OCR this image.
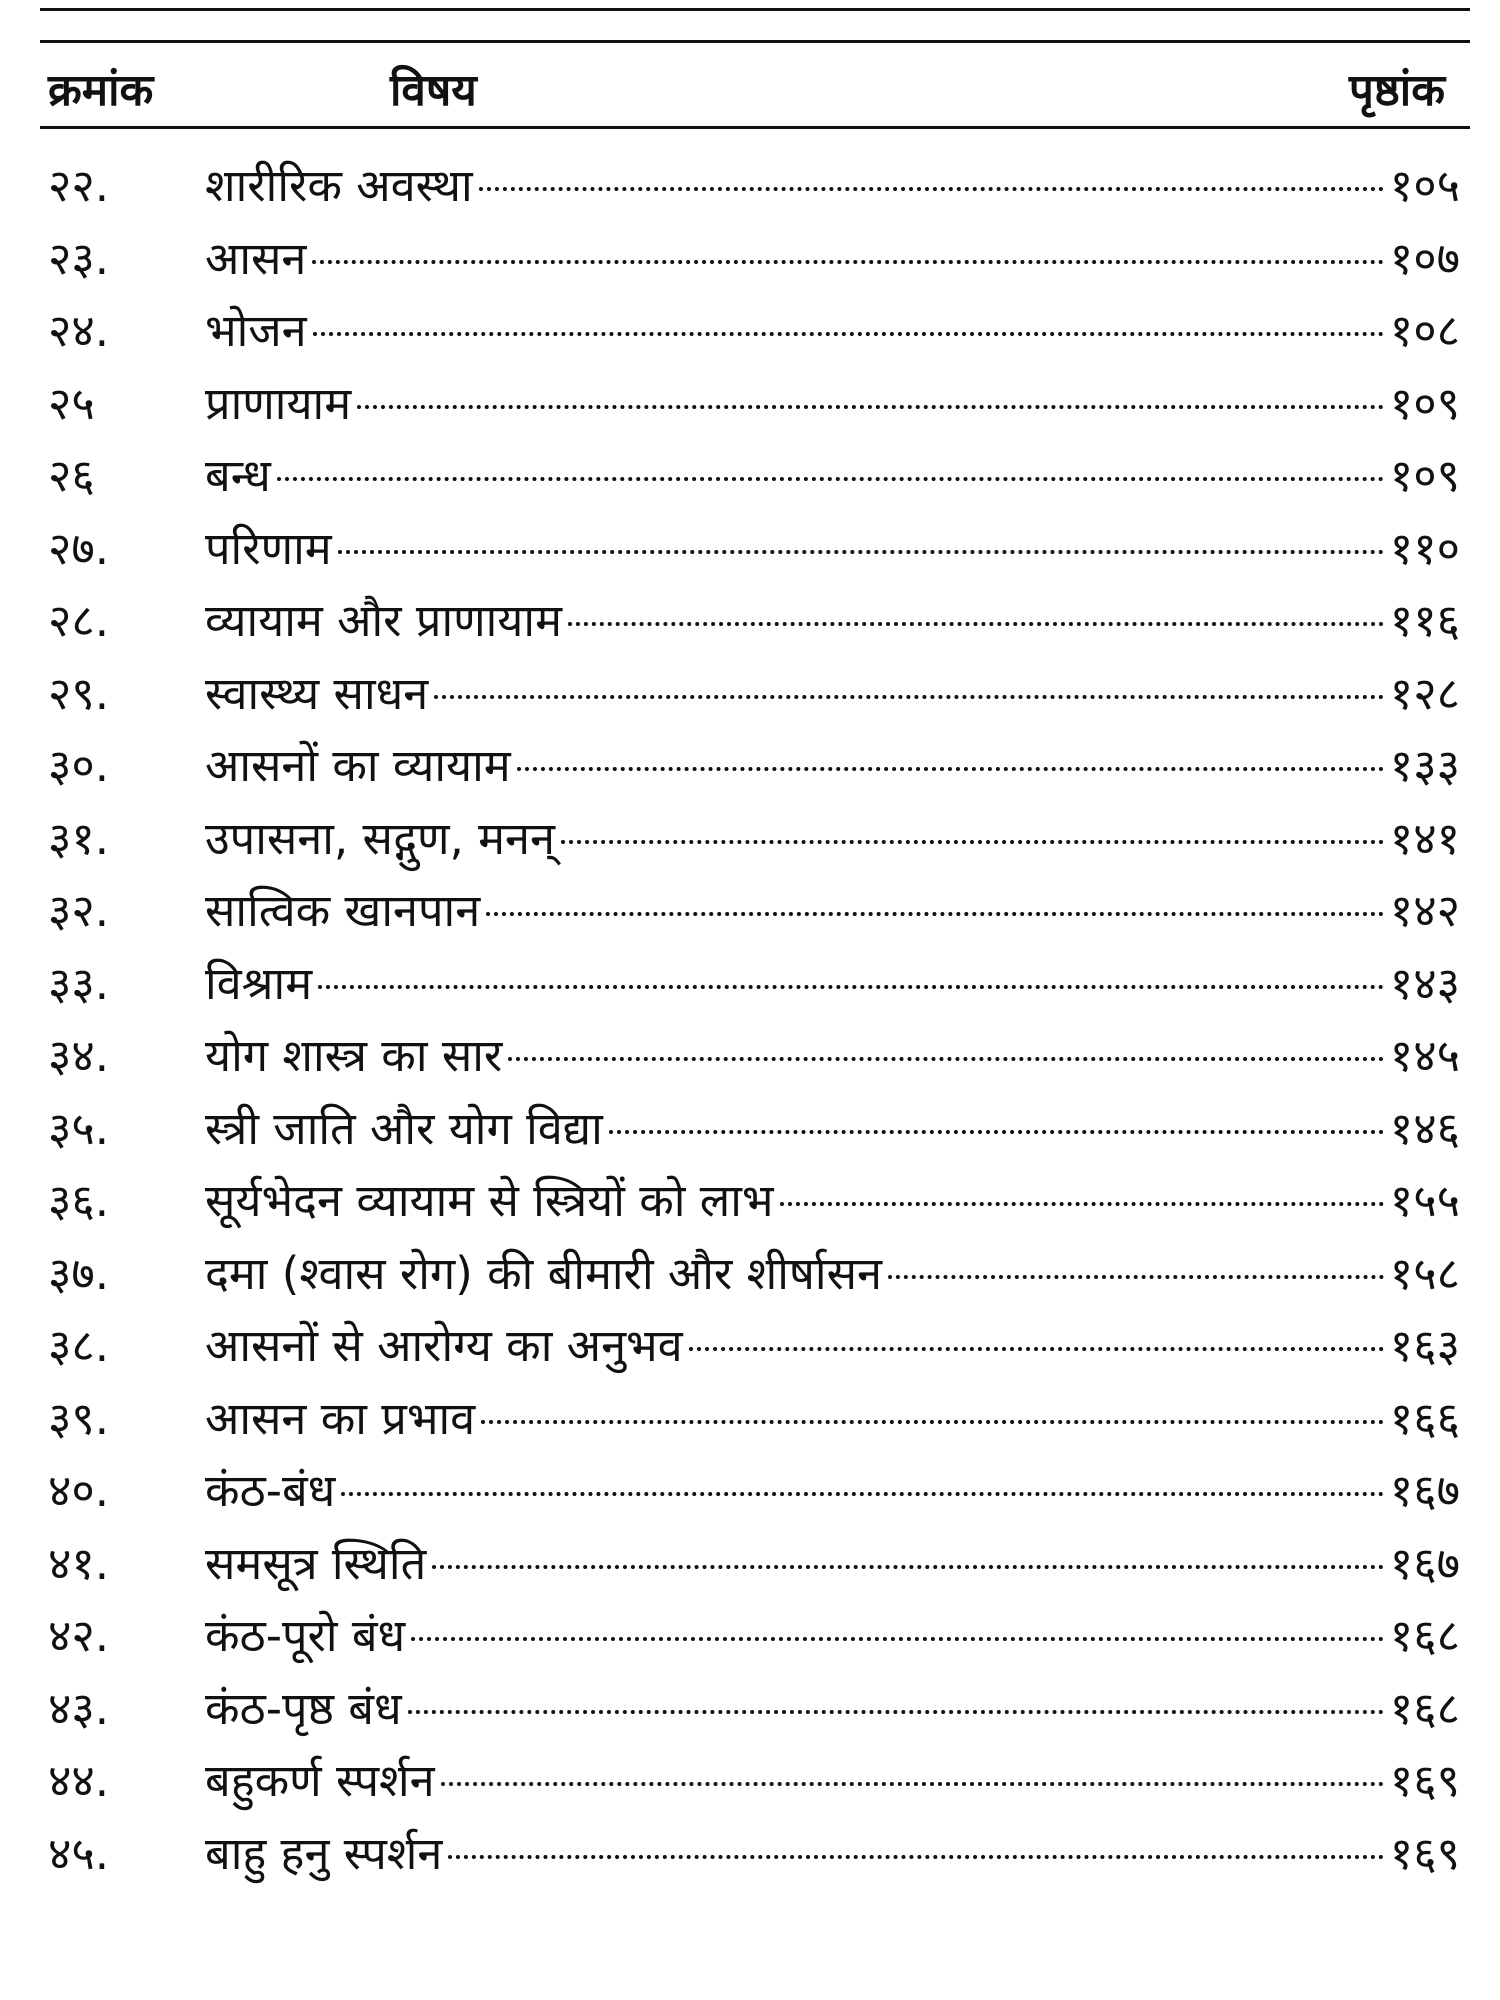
क्रमांक	विषय	पृष्ठांक
२२.	शारीरिक अवस्था	१०५
२३.	आसन	१०७
२४.	भोजन	१०८
२५	प्राणायाम	१०९
२६	बन्ध	१०९
२७.	परिणाम	११०
२८.	व्यायाम और प्राणायाम	११६
२९.	स्वास्थ्य साधन	१२८
३०.	आसनों का व्यायाम	१३३
३१.	उपासना, सद्गुण, मनन्	१४१
३२.	सात्विक खानपान	१४२
३३.	विश्राम	१४३
३४.	योग शास्त्र का सार	१४५
३५.	स्त्री जाति और योग विद्या	१४६
३६.	सूर्यभेदन व्यायाम से स्त्रियों को लाभ	१५५
३७.	दमा (श्वास रोग) की बीमारी और शीर्षासन	१५८
३८.	आसनों से आरोग्य का अनुभव	१६३
३९.	आसन का प्रभाव	१६६
४०.	कंठ-बंध	१६७
४१.	समसूत्र स्थिति	१६७
४२.	कंठ-पूरो बंध	१६८
४३.	कंठ-पृष्ठ बंध	१६८
४४.	बहुकर्ण स्पर्शन	१६९
४५.	बाहु हनु स्पर्शन	१६९
